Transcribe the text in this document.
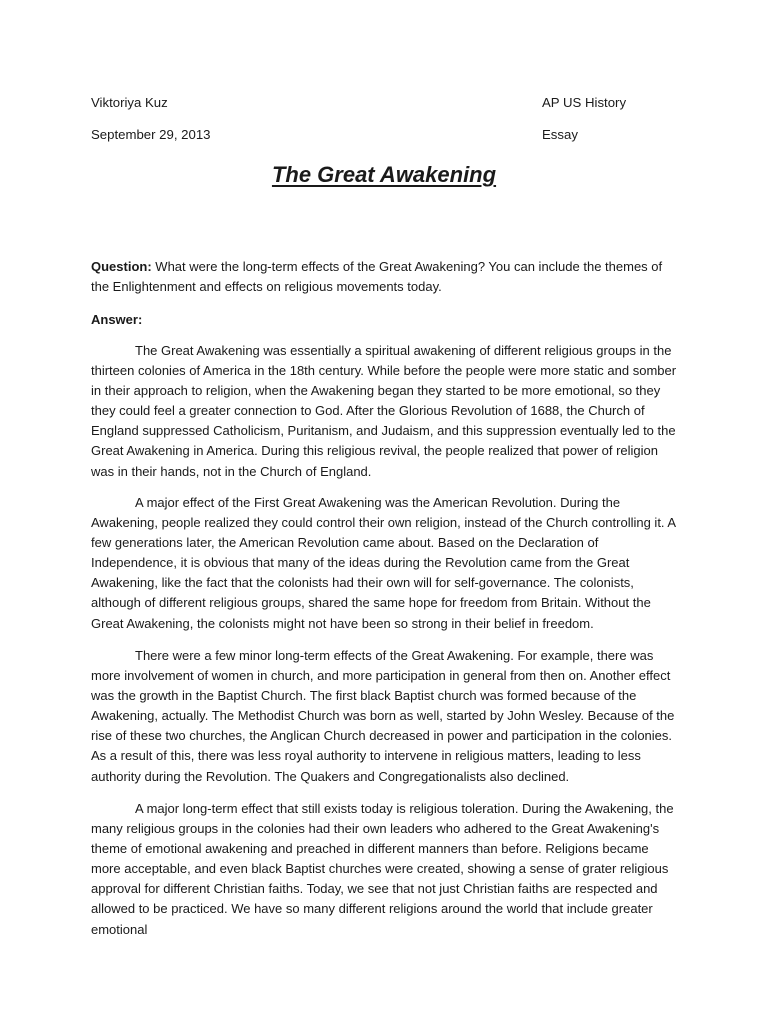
Viktoriya Kuz	AP US History
September 29, 2013	Essay
The Great Awakening
Question: What were the long-term effects of the Great Awakening? You can include the themes of the Enlightenment and effects on religious movements today.
Answer:
The Great Awakening was essentially a spiritual awakening of different religious groups in the thirteen colonies of America in the 18th century. While before the people were more static and somber in their approach to religion, when the Awakening began they started to be more emotional, so they they could feel a greater connection to God. After the Glorious Revolution of 1688, the Church of England suppressed Catholicism, Puritanism, and Judaism, and this suppression eventually led to the Great Awakening in America. During this religious revival, the people realized that power of religion was in their hands, not in the Church of England.
A major effect of the First Great Awakening was the American Revolution. During the Awakening, people realized they could control their own religion, instead of the Church controlling it. A few generations later, the American Revolution came about. Based on the Declaration of Independence, it is obvious that many of the ideas during the Revolution came from the Great Awakening, like the fact that the colonists had their own will for self-governance. The colonists, although of different religious groups, shared the same hope for freedom from Britain. Without the Great Awakening, the colonists might not have been so strong in their belief in freedom.
There were a few minor long-term effects of the Great Awakening. For example, there was more involvement of women in church, and more participation in general from then on. Another effect was the growth in the Baptist Church. The first black Baptist church was formed because of the Awakening, actually. The Methodist Church was born as well, started by John Wesley. Because of the rise of these two churches, the Anglican Church decreased in power and participation in the colonies. As a result of this, there was less royal authority to intervene in religious matters, leading to less authority during the Revolution. The Quakers and Congregationalists also declined.
A major long-term effect that still exists today is religious toleration. During the Awakening, the many religious groups in the colonies had their own leaders who adhered to the Great Awakening's theme of emotional awakening and preached in different manners than before. Religions became more acceptable, and even black Baptist churches were created, showing a sense of grater religious approval for different Christian faiths. Today, we see that not just Christian faiths are respected and allowed to be practiced. We have so many different religions around the world that include greater emotional
